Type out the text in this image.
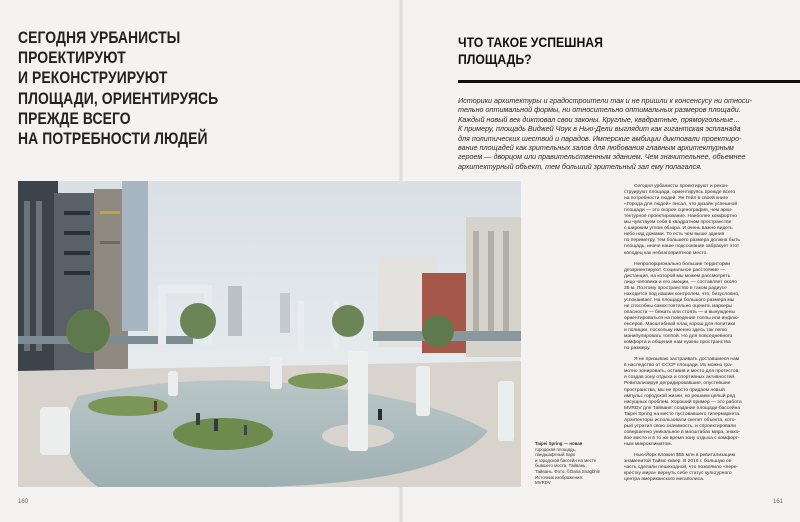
СЕГОДНЯ УРБАНИСТЫ
ПРОЕКТИРУЮТ
И РЕКОНСТРУИРУЮТ
ПЛОЩАДИ, ОРИЕНТИРУЯСЬ
ПРЕЖДЕ ВСЕГО
НА ПОТРЕБНОСТИ ЛЮДЕЙ
ЧТО ТАКОЕ УСПЕШНАЯ
ПЛОЩАДЬ?
Историки архитектуры и градостроители так и не пришли к консенсусу ни относи-
тельно оптимальной формы, ни относительно оптимальных размеров площади.
Каждый новый век диктовал свои законы. Круглые, квадратные, прямоугольные…
К примеру, площадь Виджей Чоук в Нью-Дели выглядит как гигантская эспланада
для политических шествий и парадов. Имперские амбиции диктовали проектиро-
вание площадей как зрительных залов для любования главным архитектурным
героем — дворцом или правительственным зданием. Чем значительнее, объемнее
архитектурный объект, тем больший зрительный зал ему полагался.
Taipei Spring — новая
городская площадь,
ландшафтный парк
и городской бассейн на месте
бывшего моста. Тайвань,
Тайвань. Фото: ©Daria Snagbhin
Источник изображения:
MVRDV
Сегодня урбанисты проектируют и рекон-
струируют площади, ориентируясь прежде всего
на потребности людей. Ян Гейл в своей книге
«Города для людей» писал, что дизайн успешной
площади — это скорее сценография, чем архи-
тектурное проектирование. Наиболее комфортно
мы чувствуем себя в квадратном пространстве
с широким углом обзора. И очень важно видеть
небо над домами. То есть чем выше здания
по периметру, тем большего размера должна быть
площадь, иначе наше подсознание забракует этот
колодец как неблагоприятное место.
Непропорционально большие территории
дезориентируют. Социальное расстояние —
дистанция, на которой мы можем рассмотреть
лицо человека и его эмоции, — составляет около
35 м. Поэтому пространство в таком радиусе
находится под нашим контролем, что, безусловно,
успокаивает. На площади большого размера мы
не способны самостоятельно оценить маркеры
опасности — бежать или стоять — и вынуждены
ориентироваться на поведение толпы или инфлю-
енсеров. Масштабный плац хорош для политики
и полиции, поскольку именно здесь так легко
манипулировать толпой. Но для повседневного
комфорта и общения нам нужны пространства
по размеру.
Я не призываю застраивать доставшиеся нам
в наследство от СССР площади. Их можно гра-
мотно зонировать, оставив и место для протестов,
и создав зону отдыха и спортивных активностей.
Ревитализируя деградировавшие, опустевшие
пространства, мы не просто придаем новый
импульс городской жизни, но решаем целый ряд
насущных проблем. Хороший пример — это работа
MVRDV для Тайваня: создание площади-бассейна
Taipei Spring на месте пустовавшего гипермаркета.
Архитекторы использовали скелет объекта, кото-
рый утратил свою значимость, и спроектировали
совершенно уникальное в масштабах мира, знако-
вое место и в то же время зону отдыха с комфорт-
ным микроклиматом.
Нью-Йорк вложил $55 млн в ревитализацию
знаменитой Таймс-сквер. В 2016 г. большую ее
часть сделали пешеходной, что позволило «пере-
крестку мира» вернуть себе статус культурного
центра американского мегаполиса.
160	161
